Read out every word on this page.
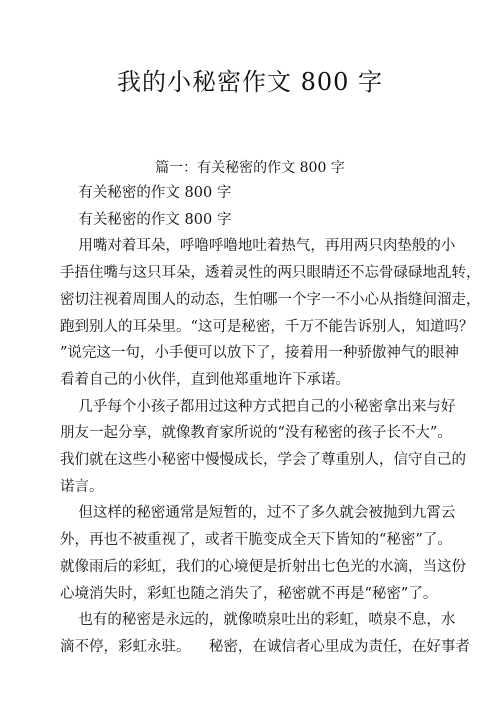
我的小秘密作文 800 字
篇一：有关秘密的作文 800 字
有关秘密的作文 800 字
有关秘密的作文 800 字
用嘴对着耳朵，呼噜呼噜地吐着热气，再用两只肉垫般的小
手捂住嘴与这只耳朵，透着灵性的两只眼睛还不忘骨碌碌地乱转，
密切注视着周围人的动态，生怕哪一个字一不小心从指缝间溜走，
跑到别人的耳朵里。“这可是秘密，千万不能告诉别人，知道吗？
”说完这一句，小手便可以放下了，接着用一种骄傲神气的眼神
看着自己的小伙伴，直到他郑重地许下承诺。
几乎每个小孩子都用过这种方式把自己的小秘密拿出来与好
朋友一起分享，就像教育家所说的“没有秘密的孩子长不大”。
我们就在这些小秘密中慢慢成长，学会了尊重别人，信守自己的
诺言。
但这样的秘密通常是短暂的，过不了多久就会被抛到九霄云
外，再也不被重视了，或者干脆变成全天下皆知的“秘密”了。
就像雨后的彩虹，我们的心境便是折射出七色光的水滴，当这份
心境消失时，彩虹也随之消失了，秘密就不再是“秘密”了。
也有的秘密是永远的，就像喷泉吐出的彩虹，喷泉不息，水
滴不停，彩虹永驻。    秘密，在诚信者心里成为责任，在好事者
